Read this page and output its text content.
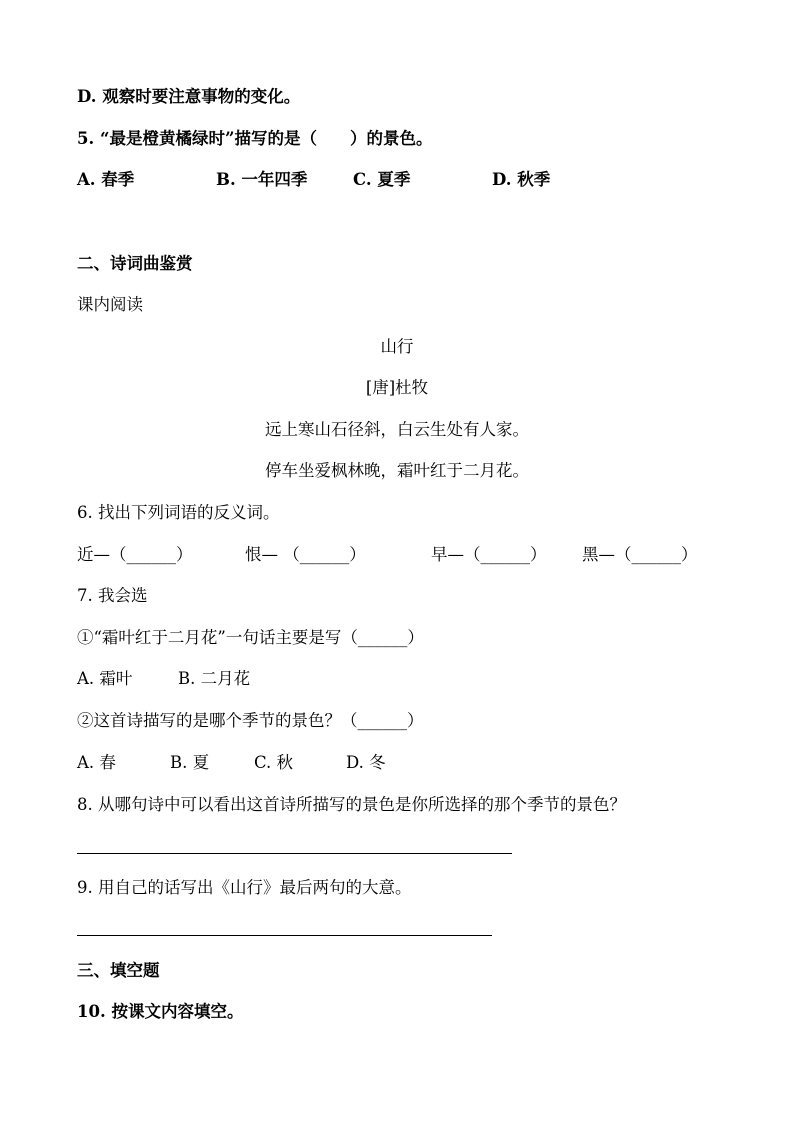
D. 观察时要注意事物的变化。
5. “最是橙黄橘绿时”描写的是（　　）的景色。
A. 春季	B. 一年四季	C. 夏季	D. 秋季
二、诗词曲鉴赏
课内阅读
山行
[唐]杜牧
远上寒山石径斜，白云生处有人家。
停车坐爱枫林晚，霜叶红于二月花。
6. 找出下列词语的反义词。
近—（______）	恨— （______）	早—（______） 黑—（______）
7. 我会选
①“霜叶红于二月花”一句话主要是写（______）
A. 霜叶	B. 二月花
②这首诗描写的是哪个季节的景色？（______）
A. 春	B. 夏	C. 秋	D. 冬
8. 从哪句诗中可以看出这首诗所描写的景色是你所选择的那个季节的景色？
9. 用自己的话写出《山行》最后两句的大意。
三、填空题
10. 按课文内容填空。
